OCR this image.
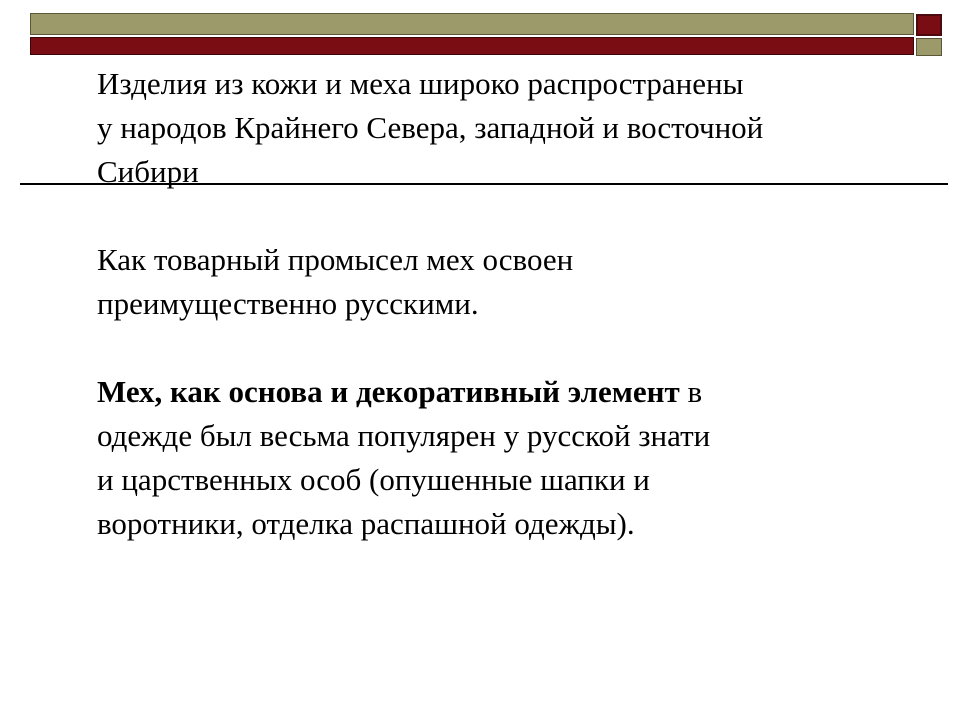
Изделия из кожи и меха широко распространены
у народов Крайнего Севера, западной и восточной
Сибири
Как товарный промысел мех освоен
преимущественно русскими.
Мех, как основа и декоративный элемент в
одежде был весьма популярен у русской знати
и царственных особ (опушенные шапки и
воротники, отделка распашной одежды).
